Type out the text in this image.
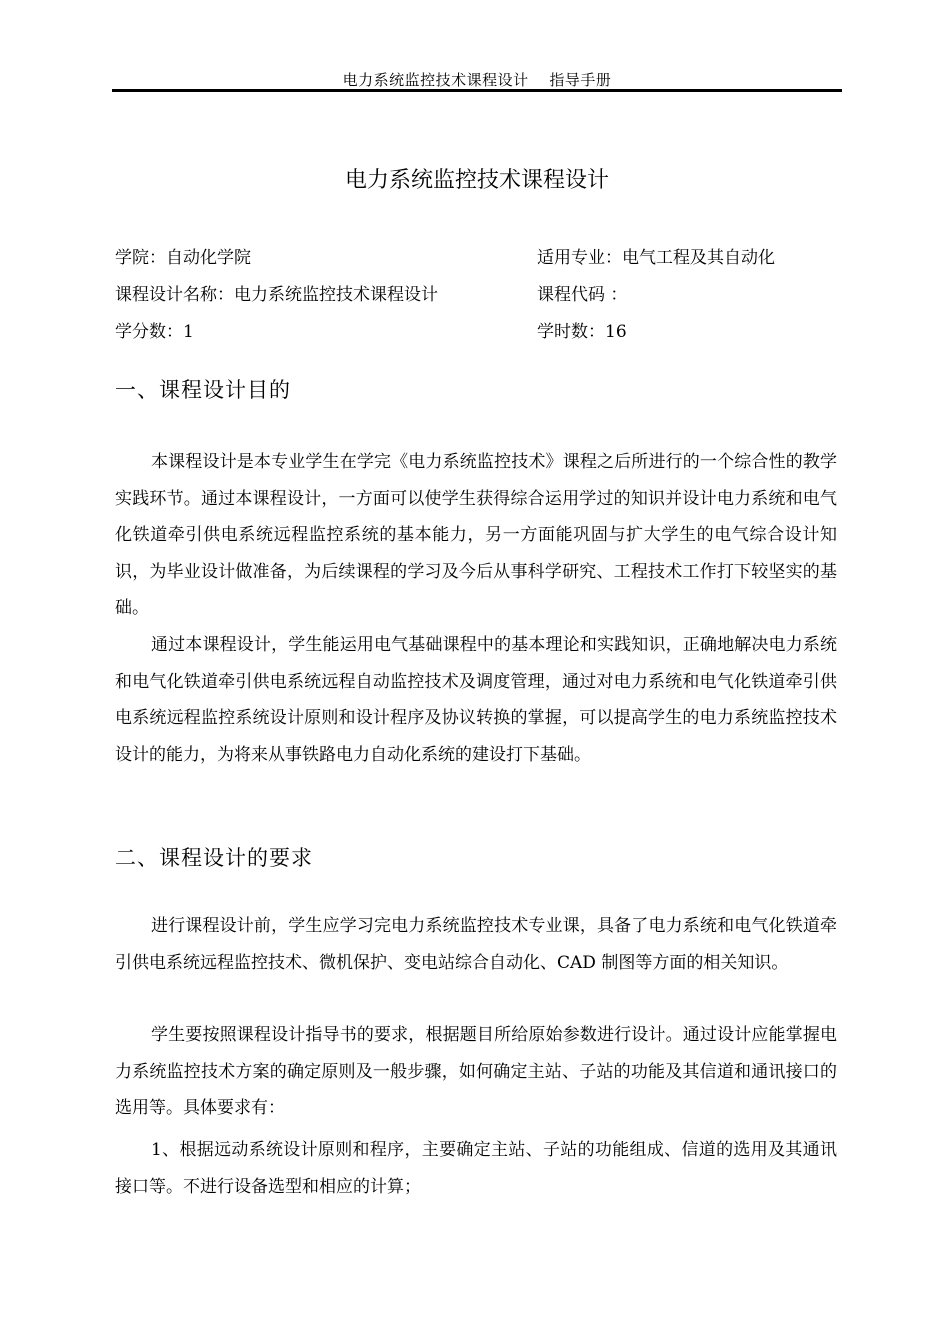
电力系统监控技术课程设计　 指导手册
电力系统监控技术课程设计
学院：自动化学院	适用专业：电气工程及其自动化
课程设计名称：电力系统监控技术课程设计	课程代码 ：
学分数：1	学时数：16
一、课程设计目的

本课程设计是本专业学生在学完《电力系统监控技术》课程之后所进行的一个综合性的教学实践环节。通过本课程设计，一方面可以使学生获得综合运用学过的知识并设计电力系统和电气化铁道牵引供电系统远程监控系统的基本能力，另一方面能巩固与扩大学生的电气综合设计知识，为毕业设计做准备，为后续课程的学习及今后从事科学研究、工程技术工作打下较坚实的基础。

通过本课程设计，学生能运用电气基础课程中的基本理论和实践知识，正确地解决电力系统和电气化铁道牵引供电系统远程自动监控技术及调度管理，通过对电力系统和电气化铁道牵引供电系统远程监控系统设计原则和设计程序及协议转换的掌握，可以提高学生的电力系统监控技术设计的能力，为将来从事铁路电力自动化系统的建设打下基础。

二、课程设计的要求

进行课程设计前，学生应学习完电力系统监控技术专业课，具备了电力系统和电气化铁道牵引供电系统远程监控技术、微机保护、变电站综合自动化、CAD 制图等方面的相关知识。

学生要按照课程设计指导书的要求，根据题目所给原始参数进行设计。通过设计应能掌握电力系统监控技术方案的确定原则及一般步骤，如何确定主站、子站的功能及其信道和通讯接口的选用等。具体要求有：

1、根据远动系统设计原则和程序，主要确定主站、子站的功能组成、信道的选用及其通讯接口等。不进行设备选型和相应的计算；
